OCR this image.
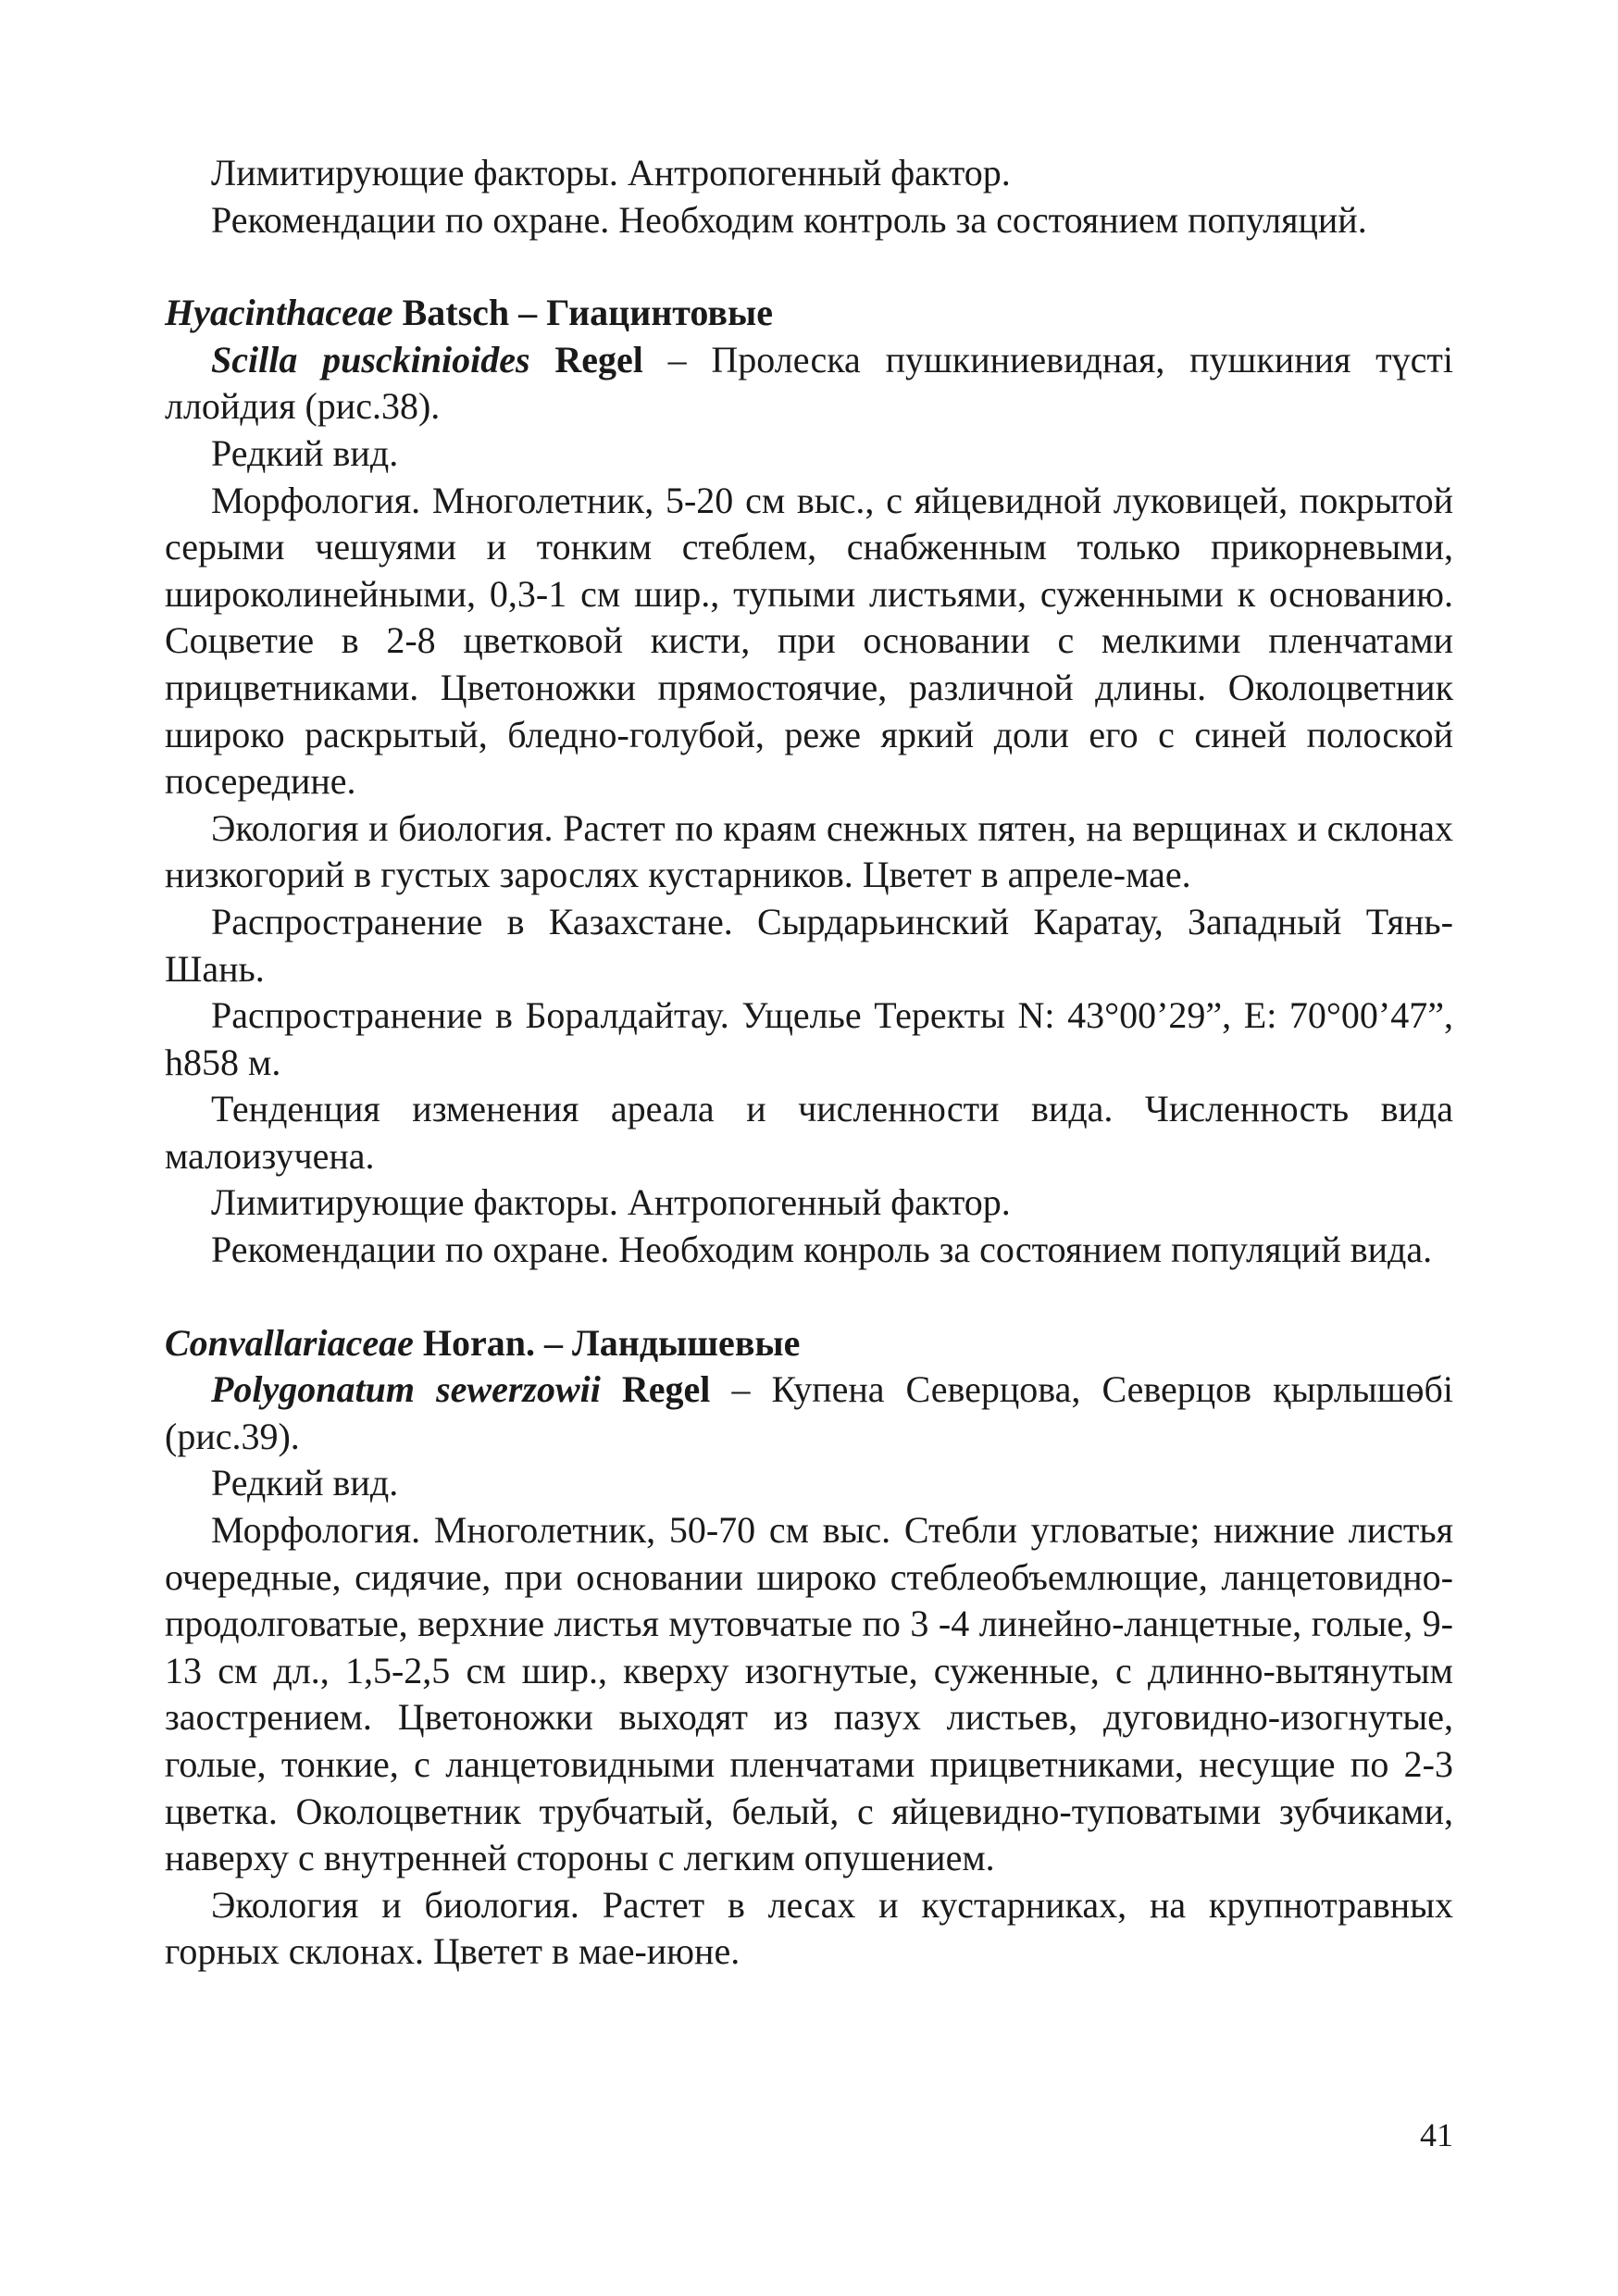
Лимитирующие факторы. Антропогенный фактор.

Рекомендации по охране. Необходим контроль за состоянием популяций.

Hyacinthaceae Batsch – Гиацинтовые

Scilla pusckinioides Regel – Пролеска пушкиниевидная, пушкиния түсті ллойдия (рис.38).

Редкий вид.

Морфология. Многолетник, 5-20 см выс., с яйцевидной луковицей, покрытой серыми чешуями и тонким стеблем, снабженным только прикорневыми, широколинейными, 0,3-1 см шир., тупыми листьями, суженными к основанию. Соцветие в 2-8 цветковой кисти, при основании с мелкими пленчатами прицветниками. Цветоножки прямостоячие, различной длины. Околоцветник широко раскрытый, бледно-голубой, реже яркий доли его с синей полоской посередине.

Экология и биология. Растет по краям снежных пятен, на верщинах и склонах низкогорий в густых зарослях кустарников. Цветет в апреле-мае.

Распространение в Казахстане. Сырдарьинский Каратау, Западный Тянь-Шань.

Распространение в Боралдайтау. Ущелье Теректы N: 43°00’29”, E: 70°00’47”, h858 м.

Тенденция изменения ареала и численности вида. Численность вида малоизучена.

Лимитирующие факторы. Антропогенный фактор.

Рекомендации по охране. Необходим конроль за состоянием популяций вида.

Convallariaceae Horan. – Ландышевые

Polygonatum sewerzowii Regel – Купена Северцова, Северцов қырлышөбі (рис.39).

Редкий вид.

Морфология. Многолетник, 50-70 см выс. Стебли угловатые; нижние листья очередные, сидячие, при основании широко стеблеобъемлющие, ланцетовидно-продолговатые, верхние листья мутовчатые по 3 -4 линейно-ланцетные, голые, 9-13 см дл., 1,5-2,5 см шир., кверху изогнутые, суженные, с длинно-вытянутым заострением. Цветоножки выходят из пазух листьев, дуговидно-изогнутые, голые, тонкие, с ланцетовидными пленчатами прицветниками, несущие по 2-3 цветка. Околоцветник трубчатый, белый, с яйцевидно-туповатыми зубчиками, наверху с внутренней стороны с легким опушением.

Экология и биология. Растет в лесах и кустарниках, на крупнотравных горных склонах. Цветет в мае-июне.

41
